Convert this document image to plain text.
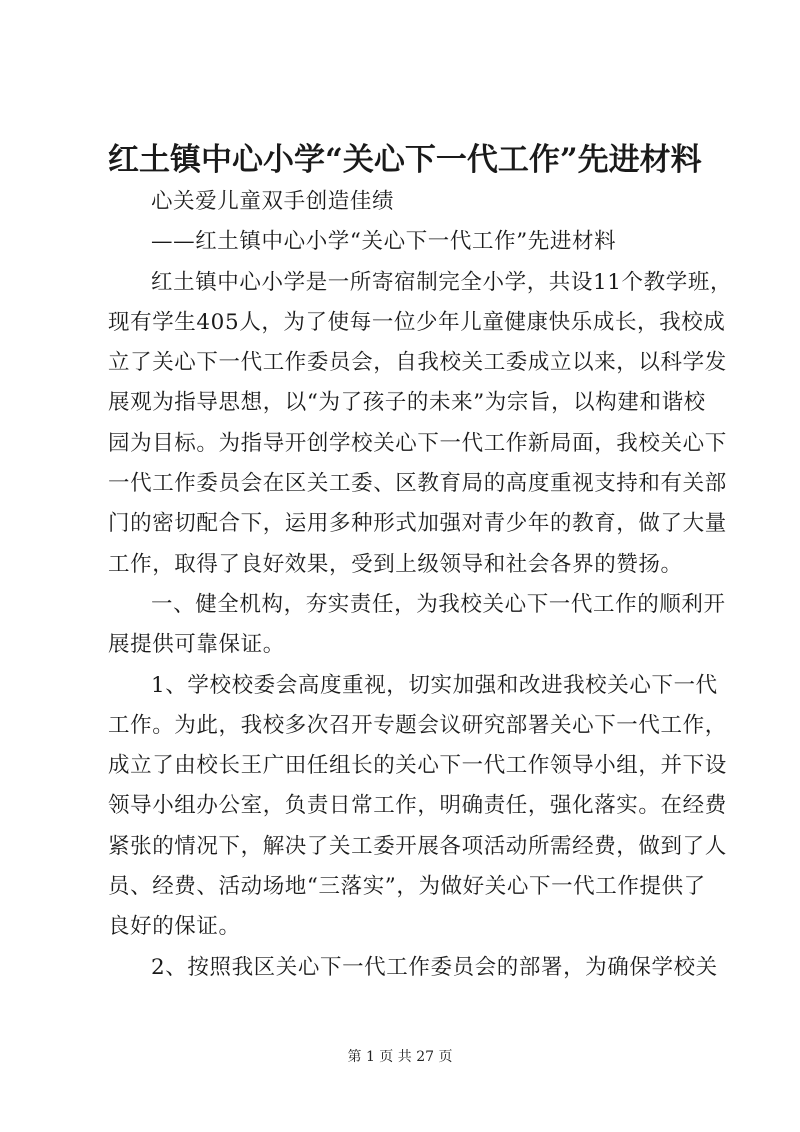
红土镇中心小学“关心下一代工作”先进材料
心关爱儿童双手创造佳绩
——红土镇中心小学“关心下一代工作”先进材料
红土镇中心小学是一所寄宿制完全小学，共设11个教学班，
现有学生405人，为了使每一位少年儿童健康快乐成长，我校成
立了关心下一代工作委员会，自我校关工委成立以来，以科学发
展观为指导思想，以“为了孩子的未来”为宗旨，以构建和谐校
园为目标。为指导开创学校关心下一代工作新局面，我校关心下
一代工作委员会在区关工委、区教育局的高度重视支持和有关部
门的密切配合下，运用多种形式加强对青少年的教育，做了大量
工作，取得了良好效果，受到上级领导和社会各界的赞扬。
一、健全机构，夯实责任，为我校关心下一代工作的顺利开
展提供可靠保证。
1、学校校委会高度重视，切实加强和改进我校关心下一代
工作。为此，我校多次召开专题会议研究部署关心下一代工作，
成立了由校长王广田任组长的关心下一代工作领导小组，并下设
领导小组办公室，负责日常工作，明确责任，强化落实。在经费
紧张的情况下，解决了关工委开展各项活动所需经费，做到了人
员、经费、活动场地“三落实”，为做好关心下一代工作提供了
良好的保证。
2、按照我区关心下一代工作委员会的部署，为确保学校关
第 1 页 共 27 页
